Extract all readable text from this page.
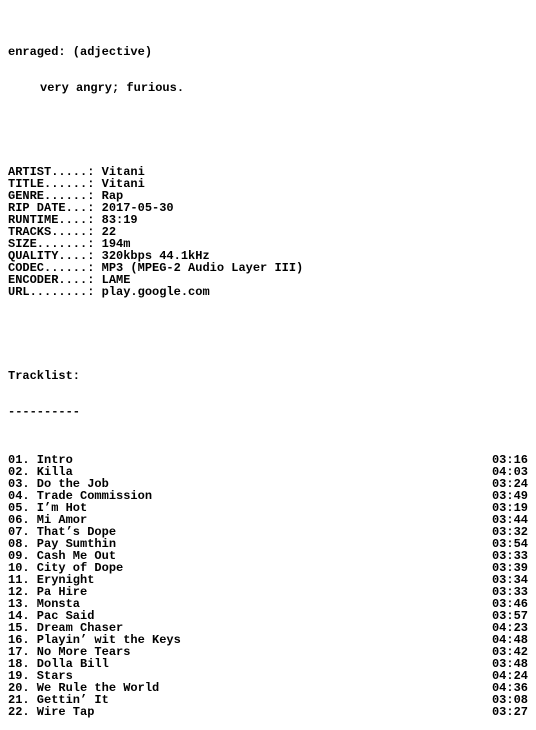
enraged: (adjective)

very angry; furious.

ARTIST.....: Vitani
TITLE......: Vitani
GENRE......: Rap
RIP DATE...: 2017-05-30
RUNTIME....: 83:19
TRACKS.....: 22
SIZE.......: 194m
QUALITY....: 320kbps 44.1kHz
CODEC......: MP3 (MPEG-2 Audio Layer III)
ENCODER....: LAME
URL........: play.google.com

Tracklist:

----------

01. Intro	03:16
02. Killa	04:03
03. Do the Job	03:24
04. Trade Commission	03:49
05. I’m Hot	03:19
06. Mi Amor	03:44
07. That’s Dope	03:32
08. Pay Sumthin	03:54
09. Cash Me Out	03:33
10. City of Dope	03:39
11. Erynight	03:34
12. Pa Hire	03:33
13. Monsta	03:46
14. Pac Said	03:57
15. Dream Chaser	04:23
16. Playin’ wit the Keys	04:48
17. No More Tears	03:42
18. Dolla Bill	03:48
19. Stars	04:24
20. We Rule the World	04:36
21. Gettin’ It	03:08
22. Wire Tap	03:27
